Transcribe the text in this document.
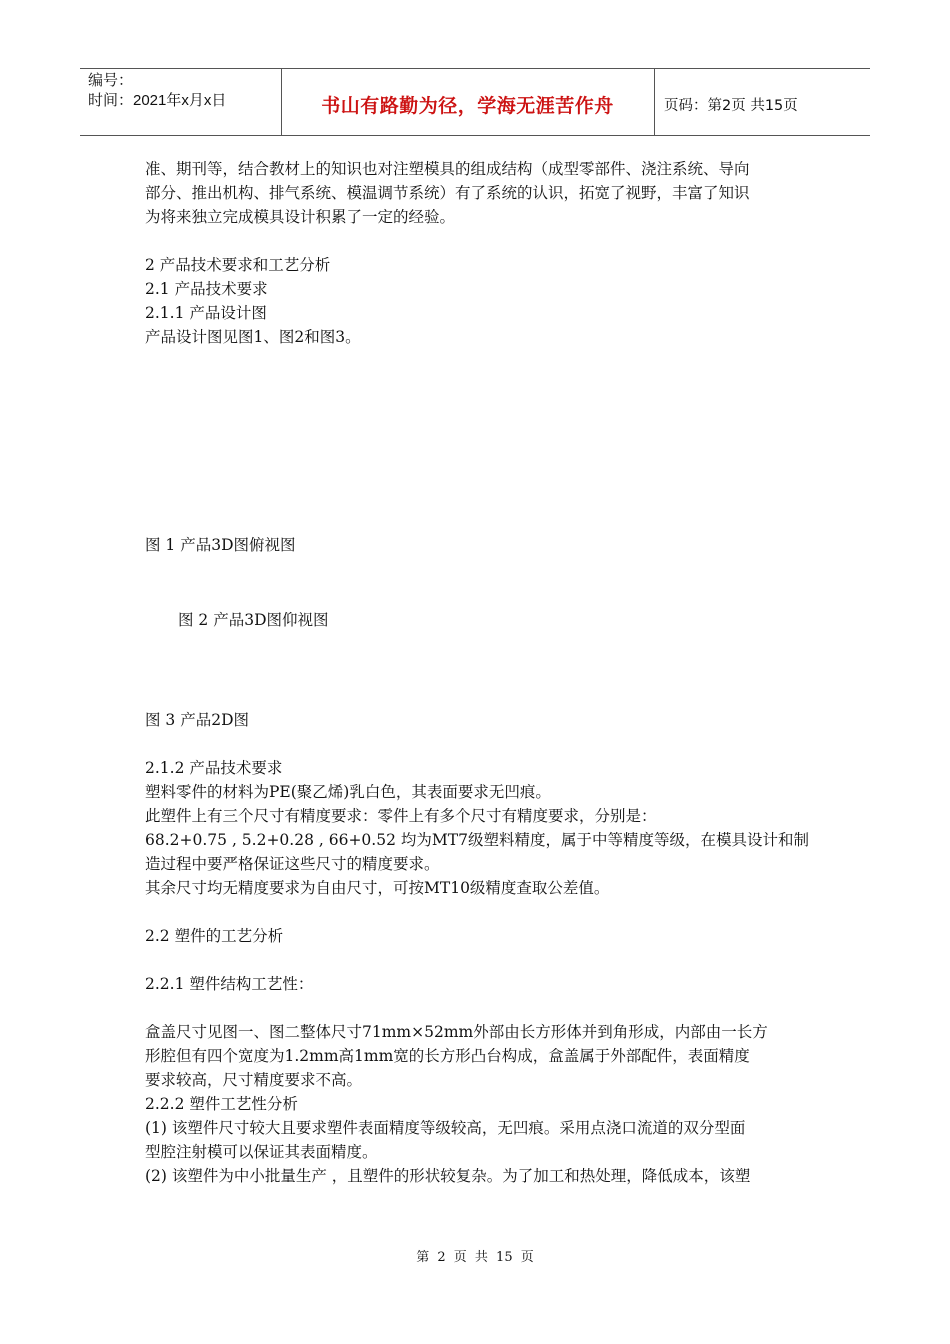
编号：
时间：2021年x月x日	书山有路勤为径，学海无涯苦作舟	页码：第2页 共15页

准、期刊等，结合教材上的知识也对注塑模具的组成结构（成型零部件、浇注系统、导向

部分、推出机构、排气系统、模温调节系统）有了系统的认识，拓宽了视野，丰富了知识

为将来独立完成模具设计积累了一定的经验。

2 产品技术要求和工艺分析

2.1 产品技术要求

2.1.1 产品设计图

产品设计图见图1、图2和图3。

图 1 产品3D图俯视图

图 2 产品3D图仰视图

图 3 产品2D图

2.1.2 产品技术要求

塑料零件的材料为PE(聚乙烯)乳白色，其表面要求无凹痕。

此塑件上有三个尺寸有精度要求：零件上有多个尺寸有精度要求，分别是：

68.2+0.75 , 5.2+0.28 , 66+0.52 均为MT7级塑料精度，属于中等精度等级，在模具设计和制

造过程中要严格保证这些尺寸的精度要求。

其余尺寸均无精度要求为自由尺寸，可按MT10级精度查取公差值。

2.2 塑件的工艺分析

2.2.1 塑件结构工艺性：

盒盖尺寸见图一、图二整体尺寸71mm×52mm外部由长方形体并到角形成，内部由一长方

形腔但有四个宽度为1.2mm高1mm宽的长方形凸台构成，盒盖属于外部配件，表面精度

要求较高，尺寸精度要求不高。

2.2.2 塑件工艺性分析

(1) 该塑件尺寸较大且要求塑件表面精度等级较高，无凹痕。采用点浇口流道的双分型面

型腔注射模可以保证其表面精度。

(2) 该塑件为中小批量生产 ，且塑件的形状较复杂。为了加工和热处理，降低成本，该塑

第 2 页 共 15 页
